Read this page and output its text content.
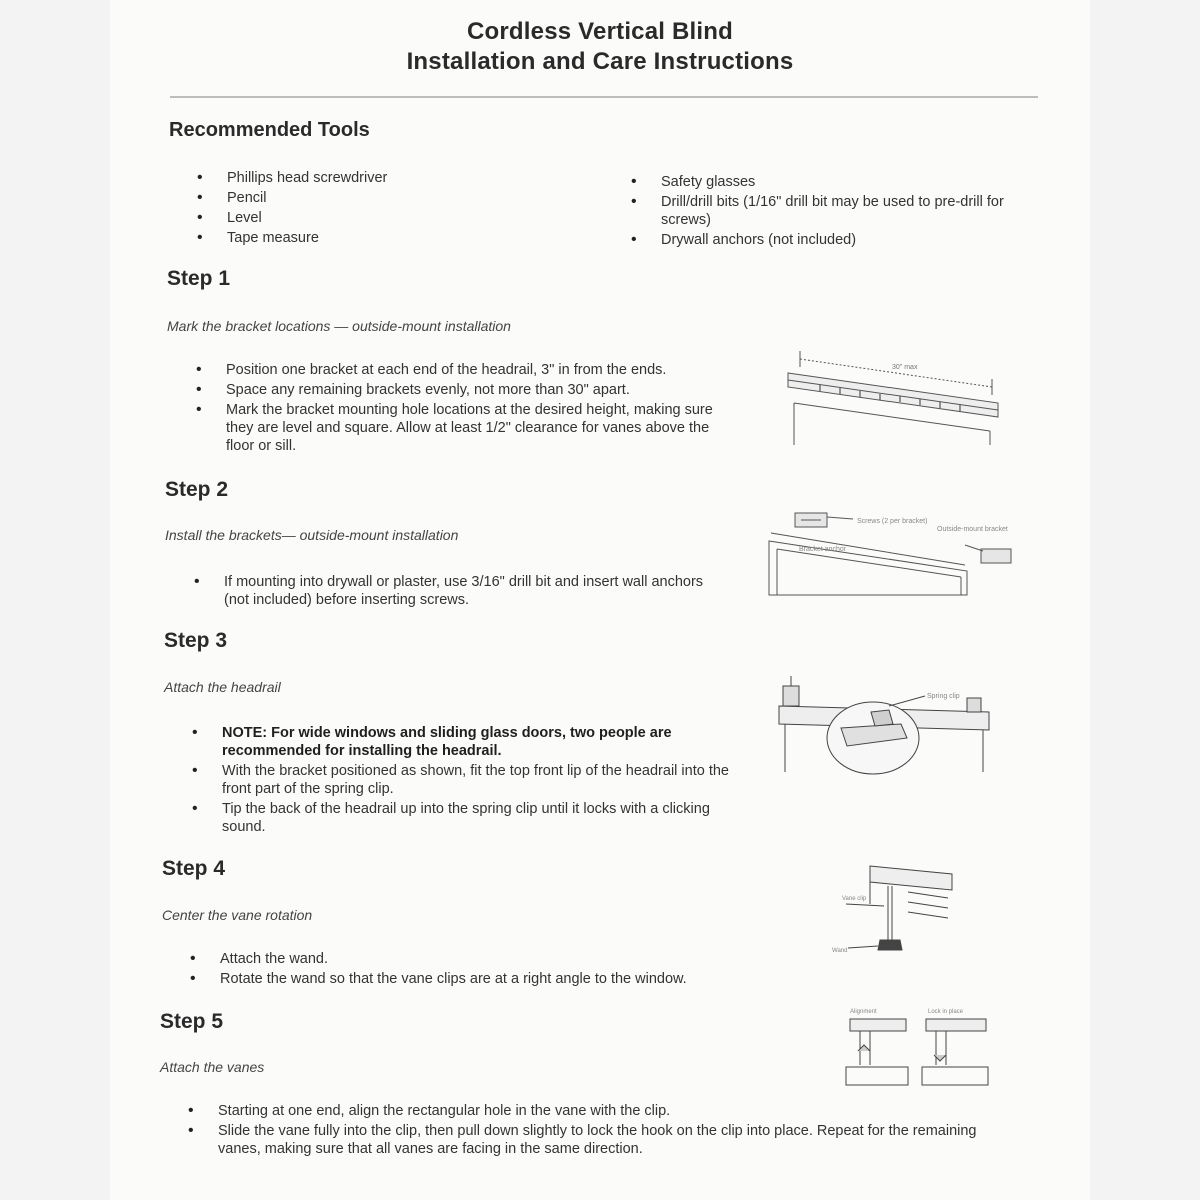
Cordless Vertical Blind
Installation and Care Instructions
Recommended Tools
• Phillips head screwdriver
• Pencil
• Level
• Tape measure
• Safety glasses
• Drill/drill bits (1/16" drill bit may be used to pre-drill for screws)
• Drywall anchors (not included)
Step 1
Mark the bracket locations — outside-mount installation
• Position one bracket at each end of the headrail, 3" in from the ends.
• Space any remaining brackets evenly, not more than 30" apart.
• Mark the bracket mounting hole locations at the desired height, making sure they are level and square. Allow at least 1/2" clearance for vanes above the floor or sill.
30" max
Step 2
Install the brackets— outside-mount installation
• If mounting into drywall or plaster, use 3/16" drill bit and insert wall anchors (not included) before inserting screws.
Screws (2 per bracket)
Bracket anchor
Outside-mount bracket
Step 3
Attach the headrail
• NOTE: For wide windows and sliding glass doors, two people are recommended for installing the headrail.
• With the bracket positioned as shown, fit the top front lip of the headrail into the front part of the spring clip.
• Tip the back of the headrail up into the spring clip until it locks with a clicking sound.
Spring clip
Step 4
Center the vane rotation
• Attach the wand.
• Rotate the wand so that the vane clips are at a right angle to the window.
Vane clip
Wand
Step 5
Attach the vanes
• Starting at one end, align the rectangular hole in the vane with the clip.
• Slide the vane fully into the clip, then pull down slightly to lock the hook on the clip into place. Repeat for the remaining vanes, making sure that all vanes are facing in the same direction.
Alignment	Lock in place
